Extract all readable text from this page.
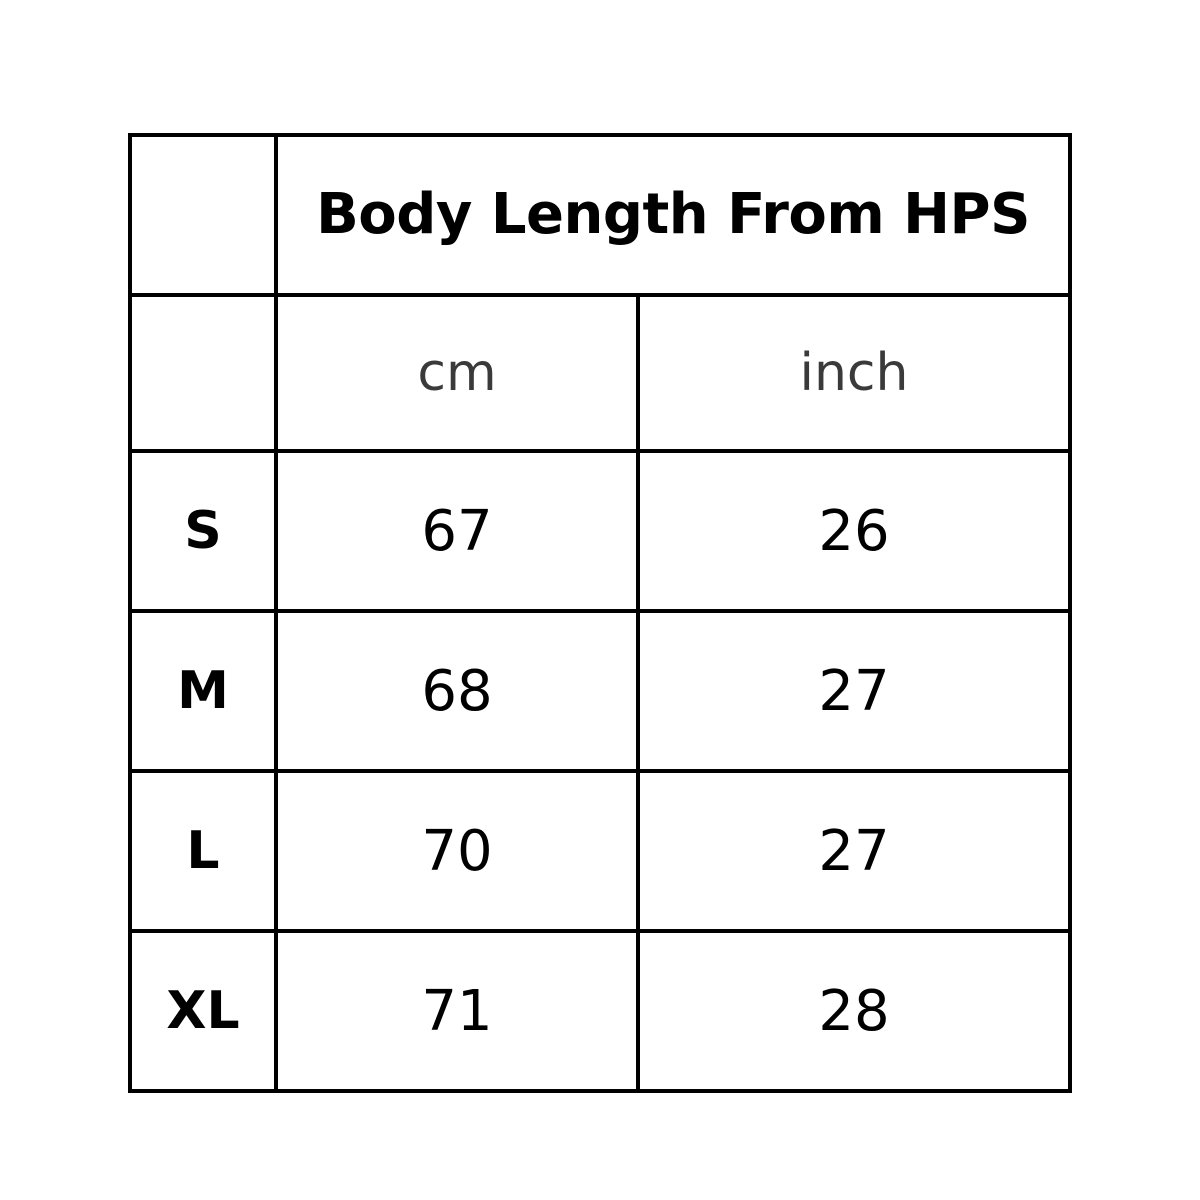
	Body Length From HPS	
	cm	inch
S	67	26
M	68	27
L	70	27
XL	71	28
